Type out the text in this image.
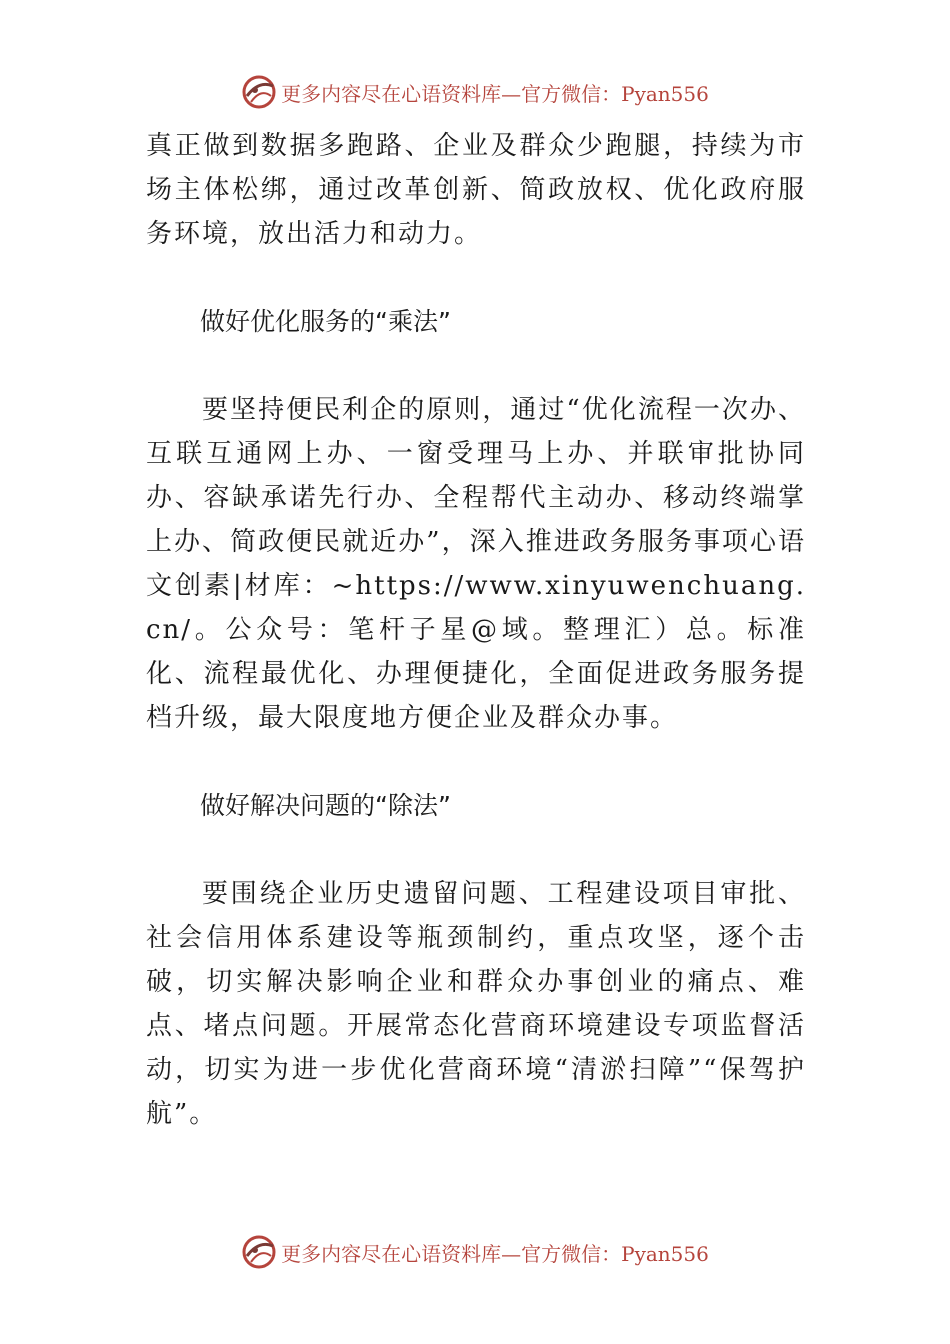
更多内容尽在心语资料库—官方微信：Pyan556

真正做到数据多跑路、企业及群众少跑腿，持续为市场主体松绑，通过改革创新、简政放权、优化政府服务环境，放出活力和动力。

做好优化服务的“乘法”

要坚持便民利企的原则，通过“优化流程一次办、互联互通网上办、一窗受理马上办、并联审批协同办、容缺承诺先行办、全程帮代主动办、移动终端掌上办、简政便民就近办”，深入推进政务服务事项心语文创素|材库：~https://www.xinyuwenchuang.cn/。公众号：笔杆子星@域。整理汇）总。标准化、流程最优化、办理便捷化，全面促进政务服务提档升级，最大限度地方便企业及群众办事。

做好解决问题的“除法”

要围绕企业历史遗留问题、工程建设项目审批、社会信用体系建设等瓶颈制约，重点攻坚，逐个击破，切实解决影响企业和群众办事创业的痛点、难点、堵点问题。开展常态化营商环境建设专项监督活动，切实为进一步优化营商环境“清淤扫障”“保驾护航”。

更多内容尽在心语资料库—官方微信：Pyan556
